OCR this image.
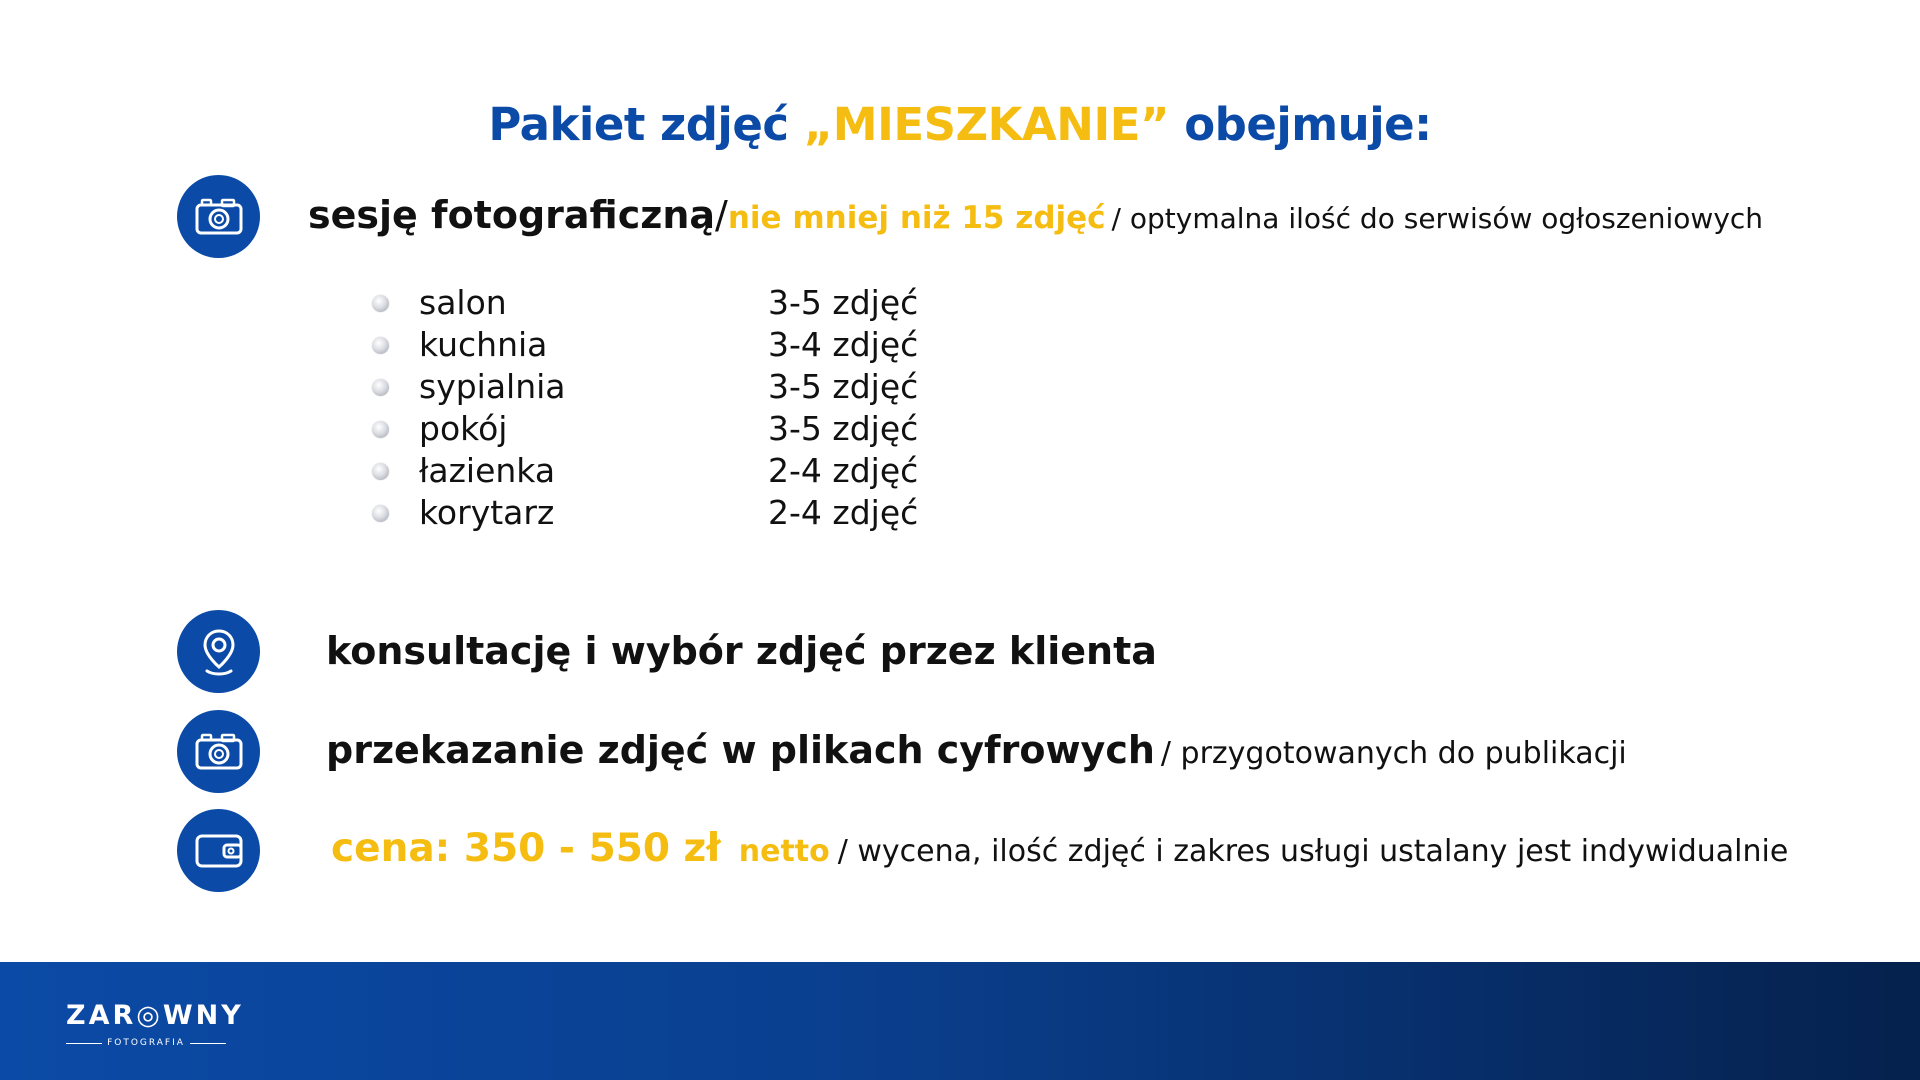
Pakiet zdjęć „MIESZKANIE” obejmuje:
sesję fotograficzną / nie mniej niż 15 zdjęć / optymalna ilość do serwisów ogłoszeniowych
salon	3-5 zdjęć
kuchnia	3-4 zdjęć
sypialnia	3-5 zdjęć
pokój	3-5 zdjęć
łazienka	2-4 zdjęć
korytarz	2-4 zdjęć
konsultację i wybór zdjęć przez klienta
przekazanie zdjęć w plikach cyfrowych / przygotowanych do publikacji
cena: 350 - 550 zł netto / wycena, ilość zdjęć i zakres usługi ustalany jest indywidualnie
ZAR◎WNY
FOTOGRAFIA
